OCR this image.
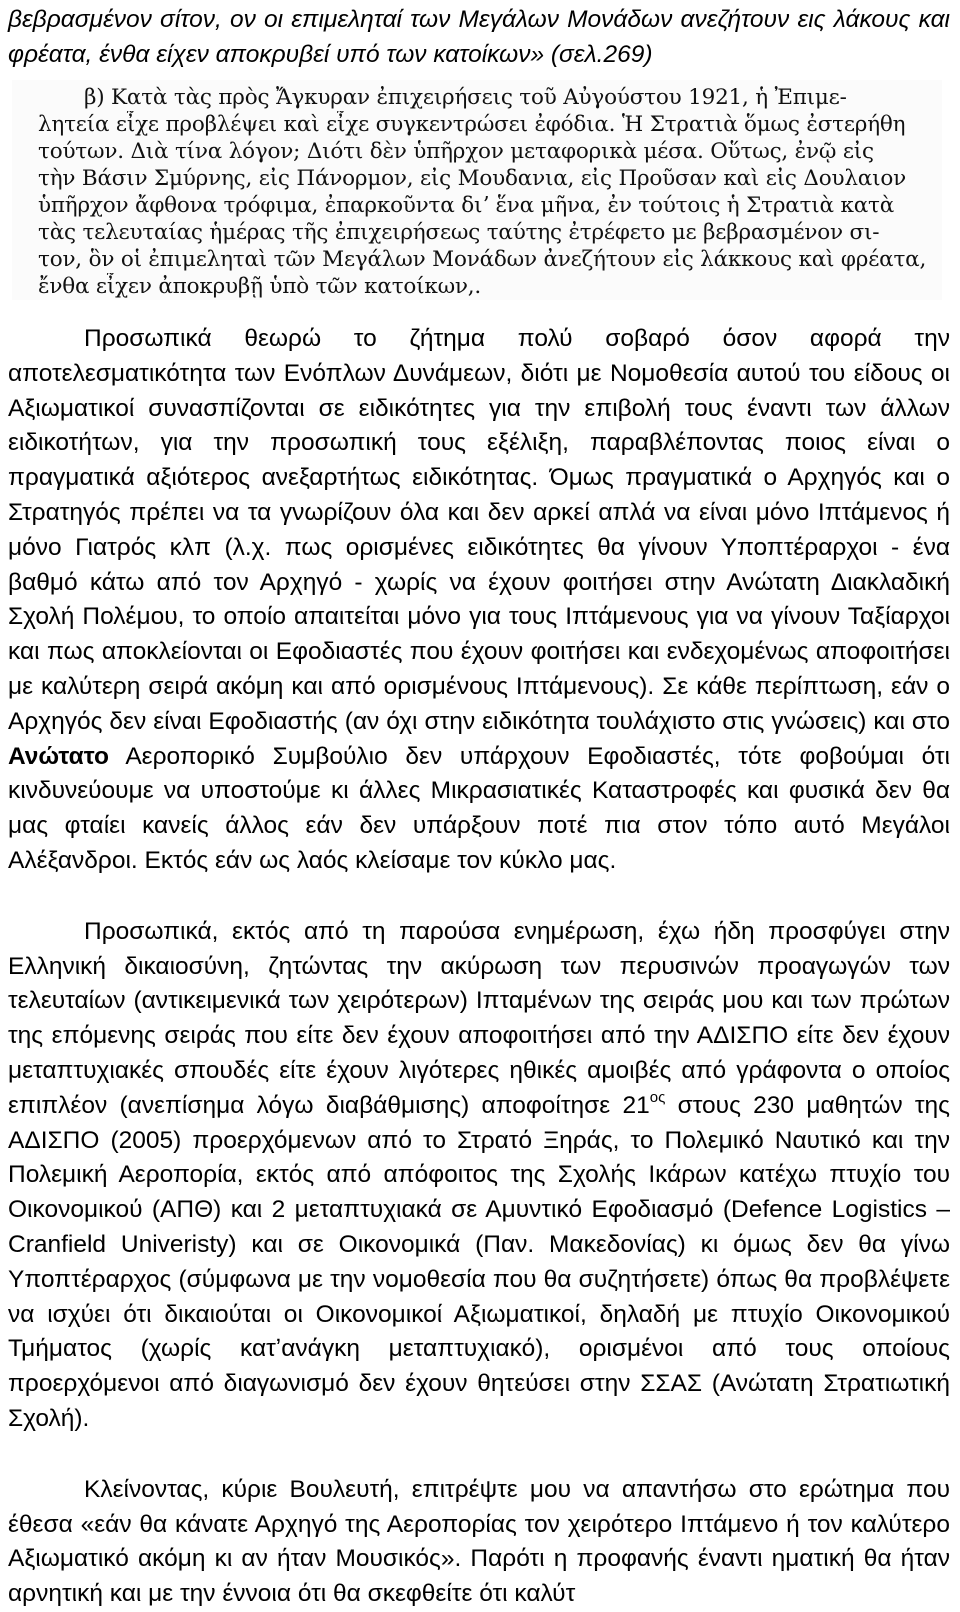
βεβρασμένον σίτον, ον οι επιμεληταί των Μεγάλων Μονάδων ανεζήτουν εις λάκους και φρέατα, ένθα είχεν αποκρυβεί υπό των κατοίκων» (σελ.269)

β) Κατὰ τὰς πρὸς Ἄγκυραν ἐπιχειρήσεις τοῦ Αὐγούστου 1921, ἡ Ἐπιμε-
λητεία εἶχε προβλέψει καὶ εἶχε συγκεντρώσει ἐφόδια. Ἡ Στρατιὰ ὅμως ἐστερήθη
τούτων. Διὰ τίνα λόγον; Διότι δὲν ὑπῆρχον μεταφορικὰ μέσα. Οὕτως, ἐνῷ εἰς
τὴν Βάσιν Σμύρνης, εἰς Πάνορμον, εἰς Μουδανια, εἰς Προῦσαν καὶ εἰς Δουλαιον
ὑπῆρχον ἄφθονα τρόφιμα, ἐπαρκοῦντα διʼ ἕνα μῆνα, ἐν τούτοις ἡ Στρατιὰ κατὰ
τὰς τελευταίας ἡμέρας τῆς ἐπιχειρήσεως ταύτης ἐτρέφετο με βεβρασμένον σι-
τον, ὃν οἱ ἐπιμεληταὶ τῶν Μεγάλων Μονάδων ἀνεζήτουν εἰς λάκκους καὶ φρέατα,
ἔνθα εἶχεν ἀποκρυβῇ ὑπὸ τῶν κατοίκων,.

Προσωπικά θεωρώ το ζήτημα πολύ σοβαρό όσον αφορά την αποτελεσματικότητα των Ενόπλων Δυνάμεων, διότι με Νομοθεσία αυτού του είδους οι Αξιωματικοί συνασπίζονται σε ειδικότητες για την επιβολή τους έναντι των άλλων ειδικοτήτων, για την προσωπική τους εξέλιξη, παραβλέποντας ποιος είναι ο πραγματικά αξιότερος ανεξαρτήτως ειδικότητας. Όμως πραγματικά ο Αρχηγός και ο Στρατηγός πρέπει να τα γνωρίζουν όλα και δεν αρκεί απλά να είναι μόνο Ιπτάμενος ή μόνο Γιατρός κλπ (λ.χ. πως ορισμένες ειδικότητες θα γίνουν Υποπτέραρχοι - ένα βαθμό κάτω από τον Αρχηγό - χωρίς να έχουν φοιτήσει στην Ανώτατη Διακλαδική Σχολή Πολέμου, το οποίο απαιτείται μόνο για τους Ιπτάμενους για να γίνουν Ταξίαρχοι και πως αποκλείονται οι Εφοδιαστές που έχουν φοιτήσει και ενδεχομένως αποφοιτήσει με καλύτερη σειρά ακόμη και από ορισμένους Ιπτάμενους). Σε κάθε περίπτωση, εάν ο Αρχηγός δεν είναι Εφοδιαστής (αν όχι στην ειδικότητα τουλάχιστο στις γνώσεις) και στο Ανώτατο Αεροπορικό Συμβούλιο δεν υπάρχουν Εφοδιαστές, τότε φοβούμαι ότι κινδυνεύουμε να υποστούμε κι άλλες Μικρασιατικές Καταστροφές και φυσικά δεν θα μας φταίει κανείς άλλος εάν δεν υπάρξουν ποτέ πια στον τόπο αυτό Μεγάλοι Αλέξανδροι. Εκτός εάν ως λαός κλείσαμε τον κύκλο μας.

Προσωπικά, εκτός από τη παρούσα ενημέρωση, έχω ήδη προσφύγει στην Ελληνική δικαιοσύνη, ζητώντας την ακύρωση των περυσινών προαγωγών των τελευταίων (αντικειμενικά των χειρότερων) Ιπταμένων της σειράς μου και των πρώτων της επόμενης σειράς που είτε δεν έχουν αποφοιτήσει από την ΑΔΙΣΠΟ είτε δεν έχουν μεταπτυχιακές σπουδές είτε έχουν λιγότερες ηθικές αμοιβές από γράφοντα ο οποίος επιπλέον (ανεπίσημα λόγω διαβάθμισης) αποφοίτησε $21^{o\varsigma}$ στους 230 μαθητών της ΑΔΙΣΠΟ (2005) προερχόμενων από το Στρατό Ξηράς, το Πολεμικό Ναυτικό και την Πολεμική Αεροπορία, εκτός από απόφοιτος της Σχολής Ικάρων κατέχω πτυχίο του Οικονομικού (ΑΠΘ) και 2 μεταπτυχιακά σε Αμυντικό Εφοδιασμό (Defence Logistics – Cranfield Univeristy) και σε Οικονομικά (Παν. Μακεδονίας) κι όμως δεν θα γίνω Υποπτέραρχος (σύμφωνα με την νομοθεσία που θα συζητήσετε) όπως θα προβλέψετε να ισχύει ότι δικαιούται οι Οικονομικοί Αξιωματικοί, δηλαδή με πτυχίο Οικονομικού Τμήματος (χωρίς κατʼανάγκη μεταπτυχιακό), ορισμένοι από τους οποίους προερχόμενοι από διαγωνισμό δεν έχουν θητεύσει στην ΣΣΑΣ (Ανώτατη Στρατιωτική Σχολή).

Κλείνοντας, κύριε Βουλευτή, επιτρέψτε μου να απαντήσω στο ερώτημα που έθεσα «εάν θα κάνατε Αρχηγό της Αεροπορίας τον χειρότερο Ιπτάμενο ή τον καλύτερο Αξιωματικό ακόμη κι αν ήταν Μουσικός». Παρότι η προφανής έναντι ηματική θα ήταν αρνητική και με την έννοια ότι θα σκεφθείτε ότι καλύτ
